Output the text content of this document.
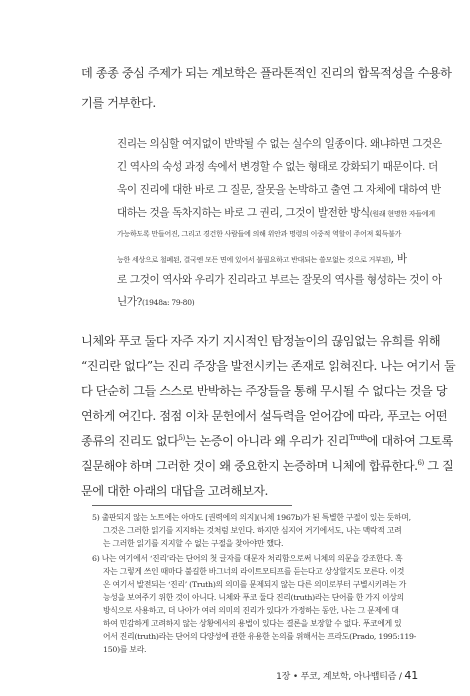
데 종종 중심 주제가 되는 계보학은 플라톤적인 진리의 합목적성을 수용하
기를 거부한다.
진리는 의심할 여지없이 반박될 수 없는 실수의 일종이다. 왜냐하면 그것은
긴 역사의 숙성 과정 속에서 변경할 수 없는 형태로 강화되기 때문이다. 더
욱이 진리에 대한 바로 그 질문, 잘못을 논박하고 출연 그 자체에 대하여 반
대하는 것을 독차지하는 바로 그 권리, 그것이 발전한 방식(원래 현명한 자들에게
가능하도록 만들어진, 그리고 경건한 사람들에 의해 위안과 명령의 이중적 역할이 주어져 획득불가
능한 세상으로 철폐된, 결국엔 모든 면에 있어서 불필요하고 반대되는 쓸모없는 것으로 거부된), 바
로 그것이 역사와 우리가 진리라고 부르는 잘못의 역사를 형성하는 것이 아
닌가?(1948a: 79-80)
니체와 푸코 둘다 자주 자기 지시적인 탐정놀이의 끊임없는 유희를 위해
“진리란 없다”는 진리 주장을 발전시키는 존재로 읽혀진다. 나는 여기서 둘
다 단순히 그들 스스로 반박하는 주장들을 통해 무시될 수 없다는 것을 당
연하게 여긴다. 점점 이차 문헌에서 설득력을 얻어감에 따라, 푸코는 어떤
종류의 진리도 없다$^{5)}$는 논증이 아니라 왜 우리가 진리$^{Truth}$에 대하여 그토록
질문해야 하며 그러한 것이 왜 중요한지 논증하며 니체에 합류한다.$^{6)}$ 그 질
문에 대한 아래의 대답을 고려해보자.
5) 출판되지 않는 노트에는 아마도 [권력에의 의지](니체 1967b)가 된 특별한 구절이 있는 듯하며,
그것은 그러한 읽기를 지지하는 것처럼 보인다. 하지만 심지어 거기에서도, 나는 맥락적 고려
는 그러한 읽기를 지지할 수 없는 구절을 찾아야만 했다.
6) 나는 여기에서 ‘진리’라는 단어의 첫 글자를 대문자 처리함으로써 니체의 의문을 강조한다. 혹
자는 그렇게 쓰인 때마다 불길한 바그너의 라이트모티프를 듣는다고 상상할지도 모른다. 이것
은 여기서 발전되는 ‘진리’ (Truth)의 의미를 문제되지 않는 다른 의미로부터 구별시키려는 가
능성을 보여주기 위한 것이 아니다. 니체와 푸코 둘다 진리(truth)라는 단어를 한 가지 이상의
방식으로 사용하고, 더 나아가 여러 의미의 진리가 있다가 가정하는 동안, 나는 그 문제에 대
하여 민감하게 고려하지 않는 상황에서의 용법이 있다는 결론을 보장할 수 없다. 푸코에게 있
어서 진리(truth)라는 단어의 다양성에 관한 유용한 논의를 위해서는 프라도(Prado, 1995:119-
150)를 보라.
1장 • 푸코, 계보학, 아나뱁티즘 / 41
